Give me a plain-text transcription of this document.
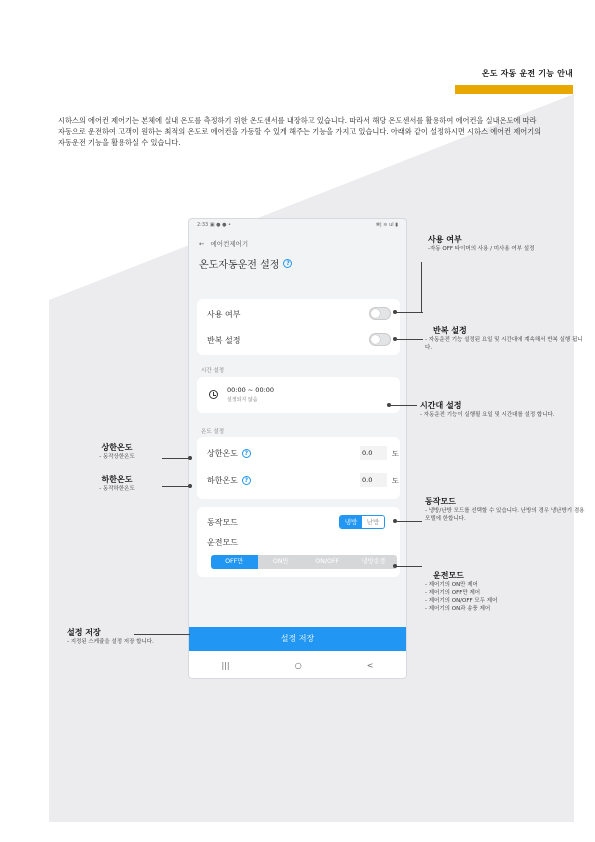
온도 자동 운전 기능 안내
시하스의 에어컨 제어기는 본체에 실내 온도를 측정하기 위한 온도센서를 내장하고 있습니다. 따라서 해당 온도센서를 활용하여 에어컨을 실내온도에 따라 자동으로 운전하여 고객이 원하는 최적의 온도로 에어컨을 가동할 수 있게 해주는 기능을 가지고 있습니다. 아래와 같이 설정하시면 시하스 에어컨 제어기의 자동운전 기능을 활용하실 수 있습니다.
2:33 ▣ ● ● •	✻| ≋ ul ▮
← 에어컨제어기
온도자동운전 설정	?
사용 여부
반복 설정
시간 설정
00:00 ~ 00:00
설정되지 않음
온도 설정
상한온도	?	0.0	도
하한온도	?	0.0	도
동작모드	냉방	난방
운전모드
OFF만	ON만	ON/OFF	냉방송풍
설정 저장
|||	○	<
사용 여부
-자동 OFF 타이머의 사용 / 미사용 여부 설정
반복 설정
- 자동운전 기능 설정된 요일 및 시간대에 계속해서 반복 실행 됩니다.
시간대 설정
- 자동운전 기능이 실행될 요일 및 시간대를 설정 합니다.
상한온도
- 동작상한온도
하한온도
- 동작하한온도
동작모드
- 냉방/난방 모드를 선택할 수 있습니다. 난방의 경우 냉난방기 겸용모델에 한합니다.
운전모드
- 제어기의 ON만 제어
- 제어기의 OFF만 제어
- 제어기의 ON/OFF 모두 제어
- 제어기의 ON과 송풍 제어
설정 저장
- 지정된 스케쥴을 설정 저장 합니다.
